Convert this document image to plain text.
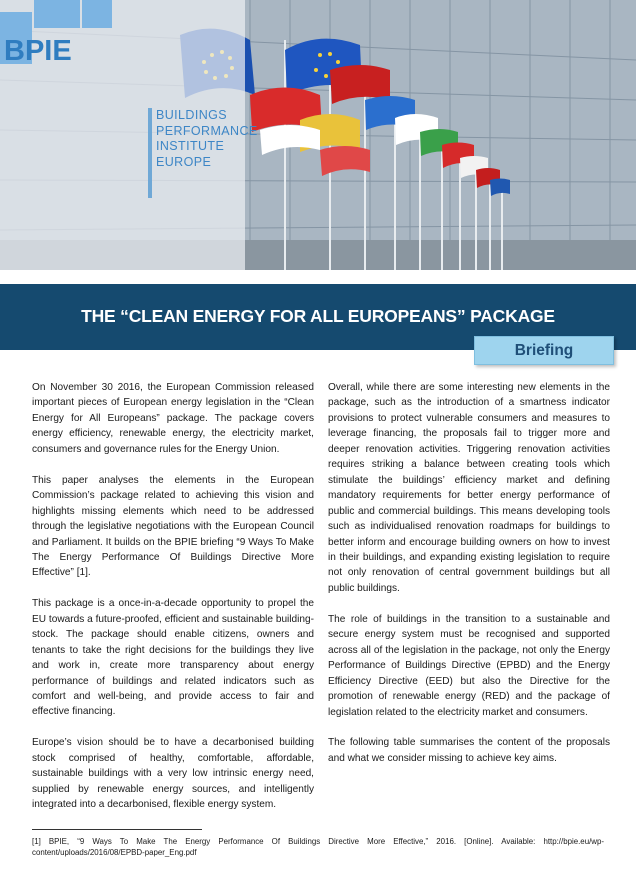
BPIE
BUILDINGS
PERFORMANCE
INSTITUTE
EUROPE
THE “CLEAN ENERGY FOR ALL EUROPEANS” PACKAGE
Briefing

On November 30 2016, the European Commission released important pieces of European energy legislation in the “Clean Energy for All Europeans” package. The package covers energy efficiency, renewable energy, the electricity market, consumers and governance rules for the Energy Union.

This paper analyses the elements in the European Commission’s package related to achieving this vision and highlights missing elements which need to be addressed through the legislative negotiations with the European Council and Parliament. It builds on the BPIE briefing “9 Ways To Make The Energy Performance Of Buildings Directive More Effective” [1].

This package is a once-in-a-decade opportunity to propel the EU towards a future-proofed, efficient and sustainable building-stock. The package should enable citizens, owners and tenants to take the right decisions for the buildings they live and work in, create more transparency about energy performance of buildings and related indicators such as comfort and well-being, and provide access to fair and effective financing.

Europe’s vision should be to have a decarbonised building stock comprised of healthy, comfortable, affordable, sustainable buildings with a very low intrinsic energy need, supplied by renewable energy sources, and intelligently integrated into a decarbonised, flexible energy system.

Overall, while there are some interesting new elements in the package, such as the introduction of a smartness indicator provisions to protect vulnerable consumers and measures to leverage financing, the proposals fail to trigger more and deeper renovation activities. Triggering renovation activities requires striking a balance between creating tools which stimulate the buildings’ efficiency market and defining mandatory requirements for better energy performance of public and commercial buildings. This means developing tools such as individualised renovation roadmaps for buildings to better inform and encourage building owners on how to invest in their buildings, and expanding existing legislation to require not only renovation of central government buildings but all public buildings.

The role of buildings in the transition to a sustainable and secure energy system must be recognised and supported across all of the legislation in the package, not only the Energy Performance of Buildings Directive (EPBD) and the Energy Efficiency Directive (EED) but also the Directive for the promotion of renewable energy (RED) and the package of legislation related to the electricity market and consumers.

The following table summarises the content of the proposals and what we consider missing to achieve key aims.

[1] BPIE, “9 Ways To Make The Energy Performance Of Buildings Directive More Effective,” 2016. [Online]. Available: http://bpie.eu/wp-content/uploads/2016/08/EPBD-paper_Eng.pdf
